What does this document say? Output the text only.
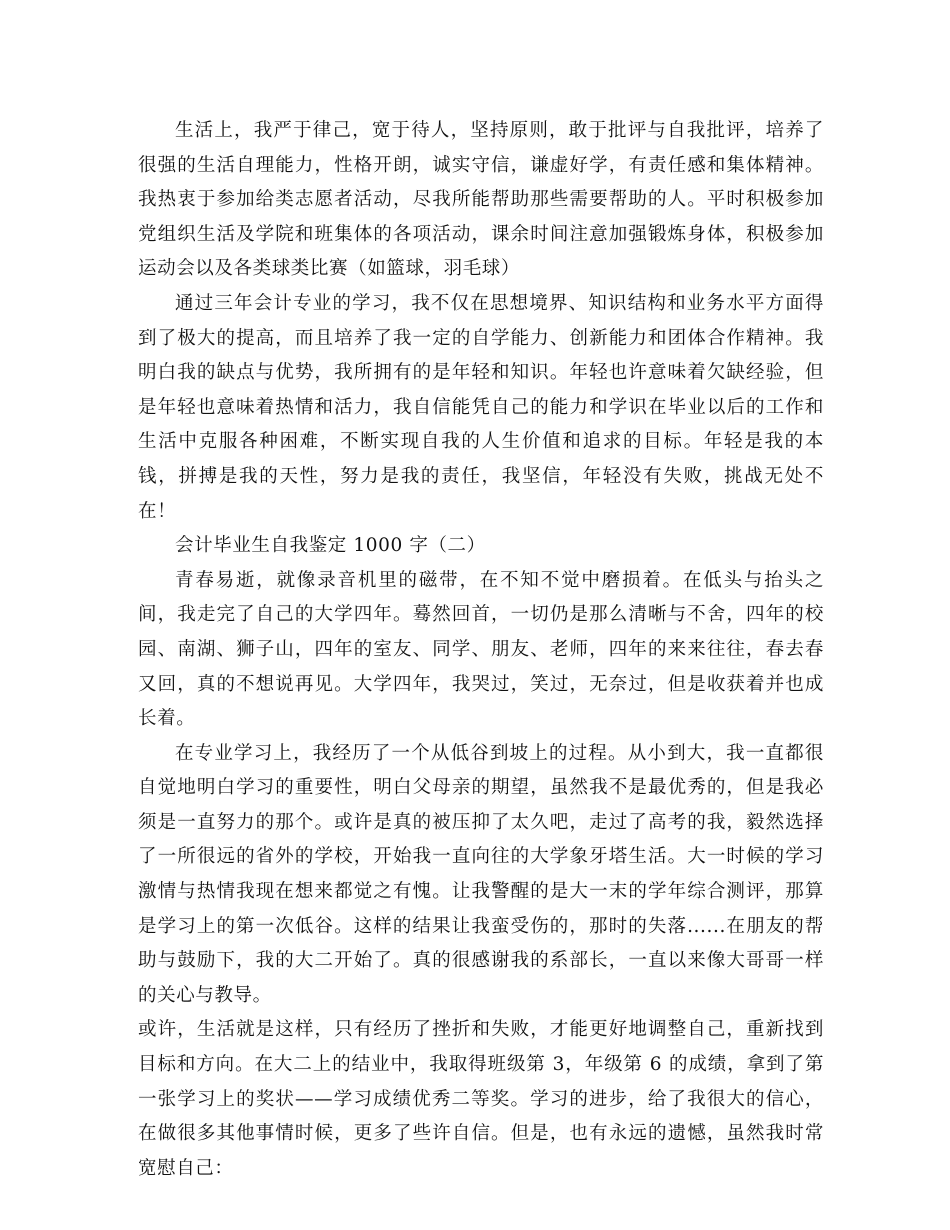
生活上，我严于律己，宽于待人，坚持原则，敢于批评与自我批评，培养了很强的生活自理能力，性格开朗，诚实守信，谦虚好学，有责任感和集体精神。我热衷于参加给类志愿者活动，尽我所能帮助那些需要帮助的人。平时积极参加党组织生活及学院和班集体的各项活动，课余时间注意加强锻炼身体，积极参加运动会以及各类球类比赛（如篮球，羽毛球）

通过三年会计专业的学习，我不仅在思想境界、知识结构和业务水平方面得到了极大的提高，而且培养了我一定的自学能力、创新能力和团体合作精神。我明白我的缺点与优势，我所拥有的是年轻和知识。年轻也许意味着欠缺经验，但是年轻也意味着热情和活力，我自信能凭自己的能力和学识在毕业以后的工作和生活中克服各种困难，不断实现自我的人生价值和追求的目标。年轻是我的本钱，拼搏是我的天性，努力是我的责任，我坚信，年轻没有失败，挑战无处不在！

会计毕业生自我鉴定 1000 字（二）

青春易逝，就像录音机里的磁带，在不知不觉中磨损着。在低头与抬头之间，我走完了自己的大学四年。蓦然回首，一切仍是那么清晰与不舍，四年的校园、南湖、狮子山，四年的室友、同学、朋友、老师，四年的来来往往，春去春又回，真的不想说再见。大学四年，我哭过，笑过，无奈过，但是收获着并也成长着。

在专业学习上，我经历了一个从低谷到坡上的过程。从小到大，我一直都很自觉地明白学习的重要性，明白父母亲的期望，虽然我不是最优秀的，但是我必须是一直努力的那个。或许是真的被压抑了太久吧，走过了高考的我，毅然选择了一所很远的省外的学校，开始我一直向往的大学象牙塔生活。大一时候的学习激情与热情我现在想来都觉之有愧。让我警醒的是大一末的学年综合测评，那算是学习上的第一次低谷。这样的结果让我蛮受伤的，那时的失落......在朋友的帮助与鼓励下，我的大二开始了。真的很感谢我的系部长，一直以来像大哥哥一样的关心与教导。

或许，生活就是这样，只有经历了挫折和失败，才能更好地调整自己，重新找到目标和方向。在大二上的结业中，我取得班级第 3，年级第 6 的成绩，拿到了第一张学习上的奖状——学习成绩优秀二等奖。学习的进步，给了我很大的信心，在做很多其他事情时候，更多了些许自信。但是，也有永远的遗憾，虽然我时常宽慰自己：
